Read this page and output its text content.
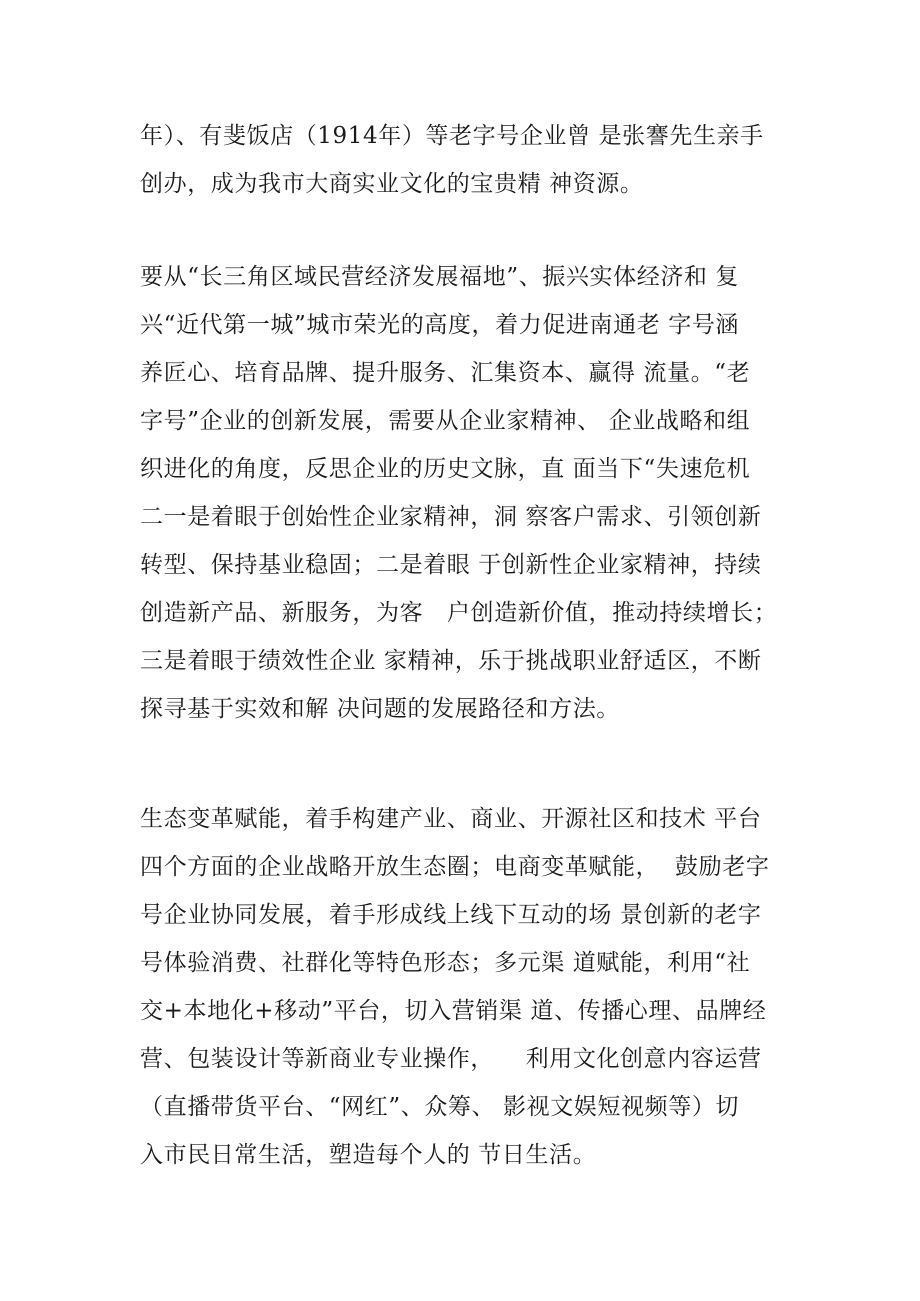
年）、有斐饭店（1914年）等老字号企业曾 是张謇先生亲手
创办，成为我市大商实业文化的宝贵精 神资源。
要从“长三角区域民营经济发展福地”、振兴实体经济和 复
兴“近代第一城”城市荣光的高度，着力促进南通老 字号涵
养匠心、培育品牌、提升服务、汇集资本、赢得 流量。“老
字号”企业的创新发展，需要从企业家精神、 企业战略和组
织进化的角度，反思企业的历史文脉，直 面当下“失速危机
二一是着眼于创始性企业家精神，洞 察客户需求、引领创新
转型、保持基业稳固；二是着眼 于创新性企业家精神，持续
创造新产品、新服务，为客   户创造新价值，推动持续增长；
三是着眼于绩效性企业 家精神，乐于挑战职业舒适区，不断
探寻基于实效和解 决问题的发展路径和方法。
生态变革赋能，着手构建产业、商业、开源社区和技术 平台
四个方面的企业战略开放生态圈；电商变革赋能，  鼓励老字
号企业协同发展，着手形成线上线下互动的场 景创新的老字
号体验消费、社群化等特色形态；多元渠 道赋能，利用“社
交+本地化+移动”平台，切入营销渠 道、传播心理、品牌经
营、包装设计等新商业专业操作，    利用文化创意内容运营
（直播带货平台、“网红”、众筹、 影视文娱短视频等）切
入市民日常生活，塑造每个人的 节日生活。
